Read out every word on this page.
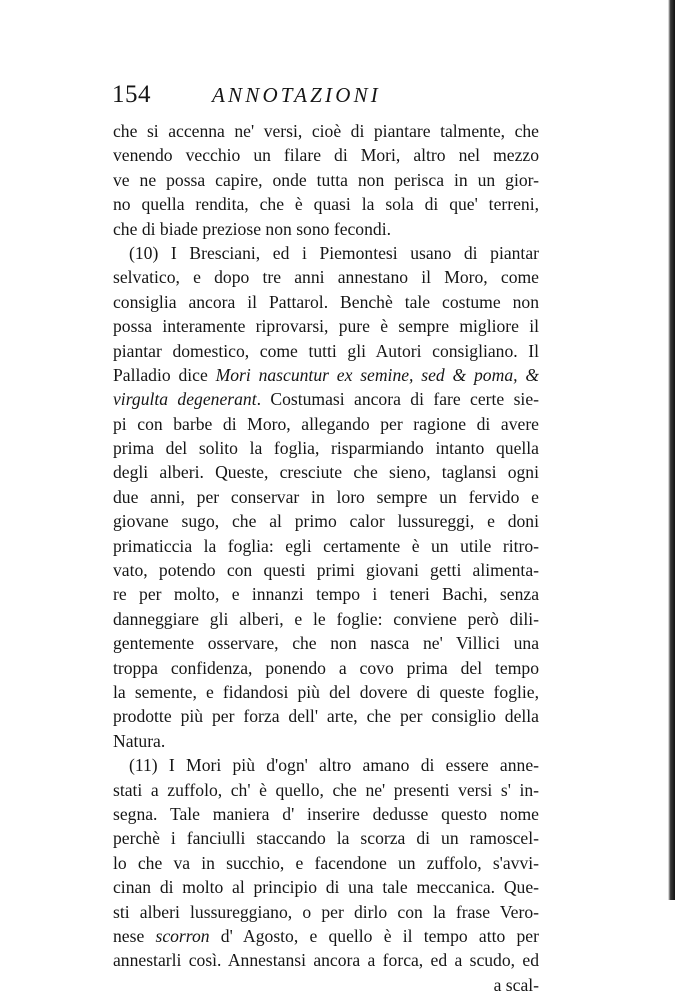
154	ANNOTAZIONI
che si accenna ne' versi, cioè di piantare talmente, che
venendo vecchio un filare di Mori, altro nel mezzo
ve ne possa capire, onde tutta non perisca in un gior-
no quella rendita, che è quasi la sola di que' terreni,
che di biade preziose non sono fecondi.
(10) I Bresciani, ed i Piemontesi usano di piantar
selvatico, e dopo tre anni annestano il Moro, come
consiglia ancora il Pattarol. Benchè tale costume non
possa interamente riprovarsi, pure è sempre migliore il
piantar domestico, come tutti gli Autori consigliano. Il
Palladio dice Mori nascuntur ex semine, sed & poma, &
virgulta degenerant. Costumasi ancora di fare certe sie-
pi con barbe di Moro, allegando per ragione di avere
prima del solito la foglia, risparmiando intanto quella
degli alberi. Queste, cresciute che sieno, taglansi ogni
due anni, per conservar in loro sempre un fervido e
giovane sugo, che al primo calor lussureggi, e doni
primaticcia la foglia: egli certamente è un utile ritro-
vato, potendo con questi primi giovani getti alimenta-
re per molto, e innanzi tempo i teneri Bachi, senza
danneggiare gli alberi, e le foglie: conviene però dili-
gentemente osservare, che non nasca ne' Villici una
troppa confidenza, ponendo a covo prima del tempo
la semente, e fidandosi più del dovere di queste foglie,
prodotte più per forza dell' arte, che per consiglio della
Natura.
(11) I Mori più d'ogn' altro amano di essere anne-
stati a zuffolo, ch' è quello, che ne' presenti versi s' in-
segna. Tale maniera d' inserire dedusse questo nome
perchè i fanciulli staccando la scorza di un ramoscel-
lo che va in succhio, e facendone un zuffolo, s'avvi-
cinan di molto al principio di una tale meccanica. Que-
sti alberi lussureggiano, o per dirlo con la frase Vero-
nese scorron d' Agosto, e quello è il tempo atto per
annestarli così. Annestansi ancora a forca, ed a scudo, ed
a scal-
